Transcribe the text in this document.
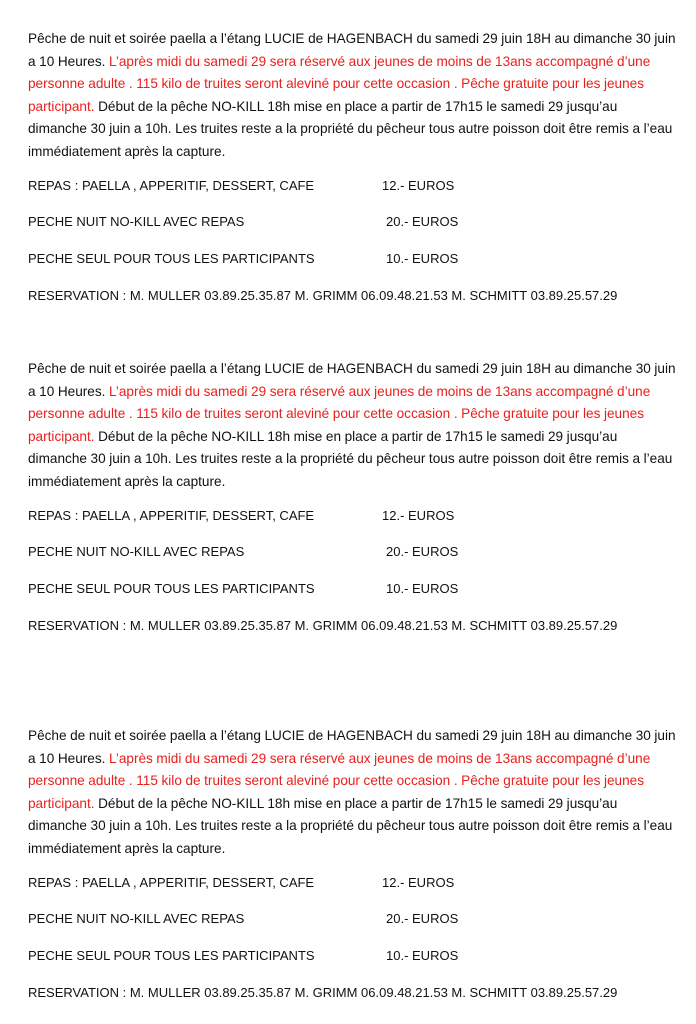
Pêche de nuit et soirée paella a l’étang LUCIE de HAGENBACH du samedi 29 juin 18H au dimanche 30 juin a 10 Heures. L’après midi du samedi 29 sera réservé aux jeunes de moins de 13ans accompagné d’une personne adulte . 115 kilo de truites seront aleviné pour cette occasion . Pêche gratuite pour les jeunes participant. Début de la pêche NO-KILL 18h mise en place a partir de 17h15 le samedi 29 jusqu’au dimanche 30 juin a 10h. Les truites reste a la propriété du pêcheur tous autre poisson doit être remis a l’eau immédiatement après la capture.

REPAS : PAELLA , APPERITIF, DESSERT, CAFE	12.- EUROS
PECHE NUIT NO-KILL AVEC REPAS	20.- EUROS
PECHE SEUL POUR TOUS LES PARTICIPANTS	10.- EUROS
RESERVATION : M. MULLER 03.89.25.35.87 M. GRIMM 06.09.48.21.53 M. SCHMITT 03.89.25.57.29

Pêche de nuit et soirée paella a l’étang LUCIE de HAGENBACH du samedi 29 juin 18H au dimanche 30 juin a 10 Heures. L’après midi du samedi 29 sera réservé aux jeunes de moins de 13ans accompagné d’une personne adulte . 115 kilo de truites seront aleviné pour cette occasion . Pêche gratuite pour les jeunes participant. Début de la pêche NO-KILL 18h mise en place a partir de 17h15 le samedi 29 jusqu’au dimanche 30 juin a 10h. Les truites reste a la propriété du pêcheur tous autre poisson doit être remis a l’eau immédiatement après la capture.

REPAS : PAELLA , APPERITIF, DESSERT, CAFE	12.- EUROS
PECHE NUIT NO-KILL AVEC REPAS	20.- EUROS
PECHE SEUL POUR TOUS LES PARTICIPANTS	10.- EUROS
RESERVATION : M. MULLER 03.89.25.35.87 M. GRIMM 06.09.48.21.53 M. SCHMITT 03.89.25.57.29

Pêche de nuit et soirée paella a l’étang LUCIE de HAGENBACH du samedi 29 juin 18H au dimanche 30 juin a 10 Heures. L’après midi du samedi 29 sera réservé aux jeunes de moins de 13ans accompagné d’une personne adulte . 115 kilo de truites seront aleviné pour cette occasion . Pêche gratuite pour les jeunes participant. Début de la pêche NO-KILL 18h mise en place a partir de 17h15 le samedi 29 jusqu’au dimanche 30 juin a 10h. Les truites reste a la propriété du pêcheur tous autre poisson doit être remis a l’eau immédiatement après la capture.

REPAS : PAELLA , APPERITIF, DESSERT, CAFE	12.- EUROS
PECHE NUIT NO-KILL AVEC REPAS	20.- EUROS
PECHE SEUL POUR TOUS LES PARTICIPANTS	10.- EUROS
RESERVATION : M. MULLER 03.89.25.35.87 M. GRIMM 06.09.48.21.53 M. SCHMITT 03.89.25.57.29
